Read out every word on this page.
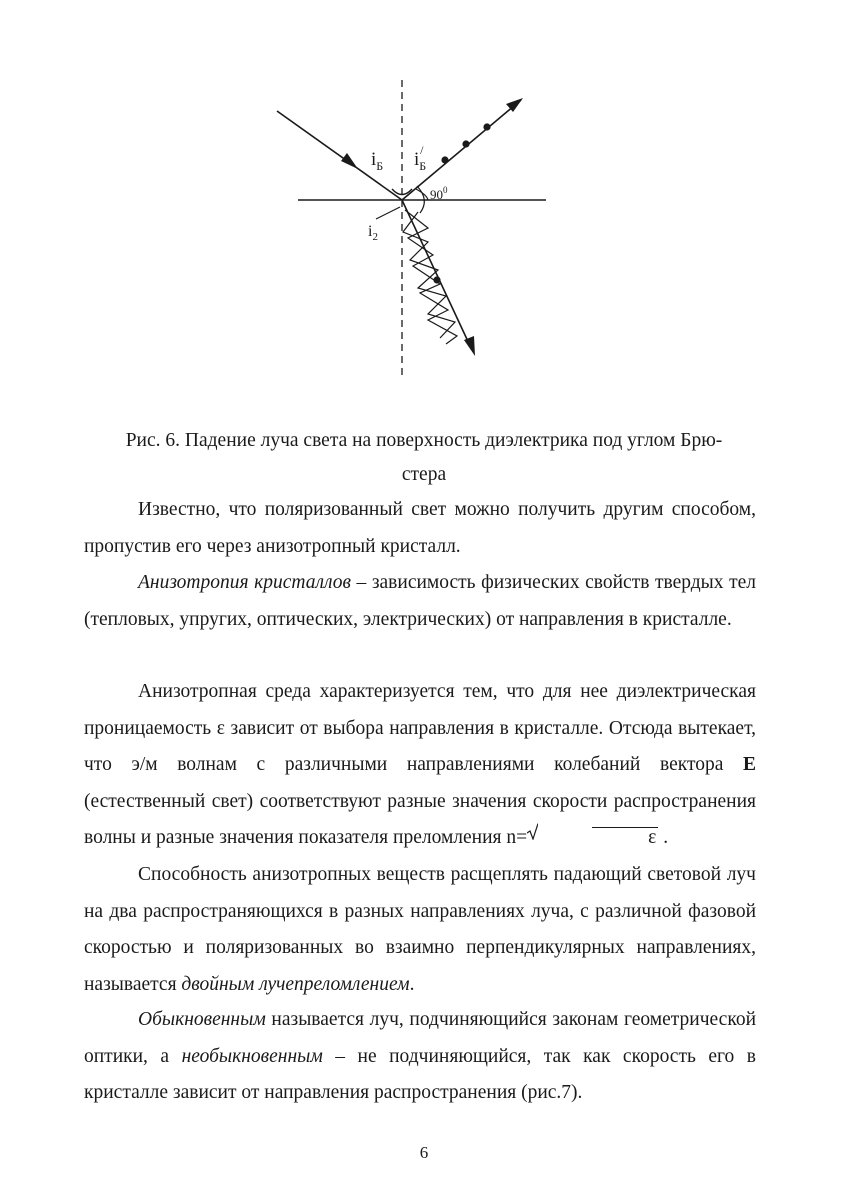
$i_Б$ $i_Б/$
$90^0$
$i_2$
Рис. 6. Падение луча света на поверхность диэлектрика под углом Брю-
стера

Известно, что поляризованный свет можно получить другим способом, пропустив его через анизотропный кристалл.

Анизотропия кристаллов – зависимость физических свойств твердых тел (тепловых, упругих, оптических, электрических) от направления в кристалле.

Анизотропная среда характеризуется тем, что для нее диэлектрическая проницаемость ε зависит от выбора направления в кристалле. Отсюда вытекает, что э/м волнам с различными направлениями колебаний вектора E (естественный свет) соответствуют разные значения скорости распространения волны и разные значения показателя преломления n=	ε .

Способность анизотропных веществ расщеплять падающий световой луч на два распространяющихся в разных направлениях луча, с различной фазовой скоростью и поляризованных во взаимно перпендикулярных направлениях, называется двойным лучепреломлением.

Обыкновенным называется луч, подчиняющийся законам геометрической оптики, а необыкновенным – не подчиняющийся, так как скорость его в кристалле зависит от направления распространения (рис.7).

6
